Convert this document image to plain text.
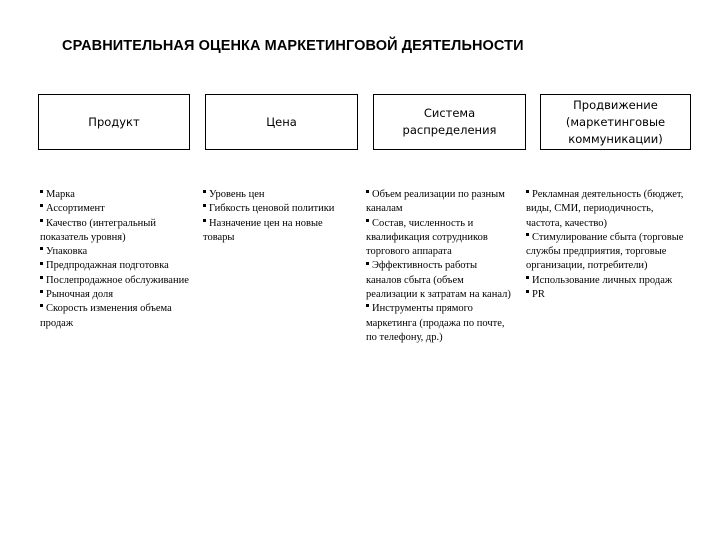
СРАВНИТЕЛЬНАЯ ОЦЕНКА МАРКЕТИНГОВОЙ ДЕЯТЕЛЬНОСТИ
Продукт	Цена
Система распределения
Продвижение (маркетинговые коммуникации)
Марка
Ассортимент
Качество (интегральный показатель уровня)
Упаковка
Предпродажная подготовка
Послепродажное обслуживание
Рыночная доля
Скорость изменения объема продаж
Уровень цен
Гибкость ценовой политики
Назначение цен на новые товары
Объем реализации по разным каналам
Состав, численность и квалификация сотрудников торгового аппарата
Эффективность работы каналов сбыта (объем реализации к затратам на канал)
Инструменты прямого маркетинга (продажа по почте, по телефону, др.)
Рекламная деятельность (бюджет, виды, СМИ, периодичность, частота, качество)
Стимулирование сбыта (торговые службы предприятия, торговые организации, потребители)
Использование личных продаж
PR
